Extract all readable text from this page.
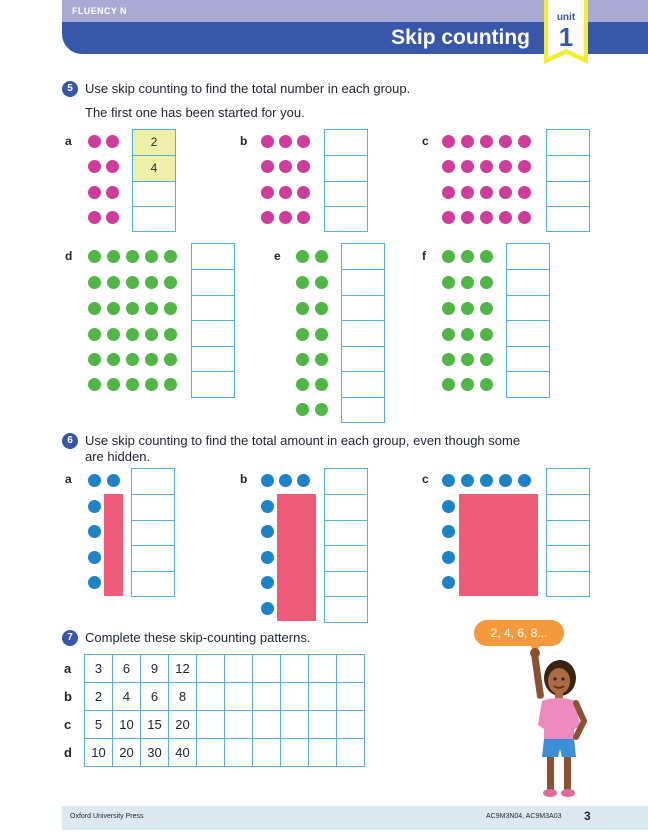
FLUENCY N
Skip counting
unit
1
5 Use skip counting to find the total number in each group.
The first one has been started for you.
a	b	c
d	e	f
2
4
6 Use skip counting to find the total amount in each group, even though some are hidden.
a	b	c
7 Complete these skip-counting patterns.
a	3	6	9	12						
b	2	4	6	8						
c	5	10	15	20						
d	10	20	30	40						
2, 4, 6, 8...
Oxford University Press	AC9M3N04, AC9M3A03 3
